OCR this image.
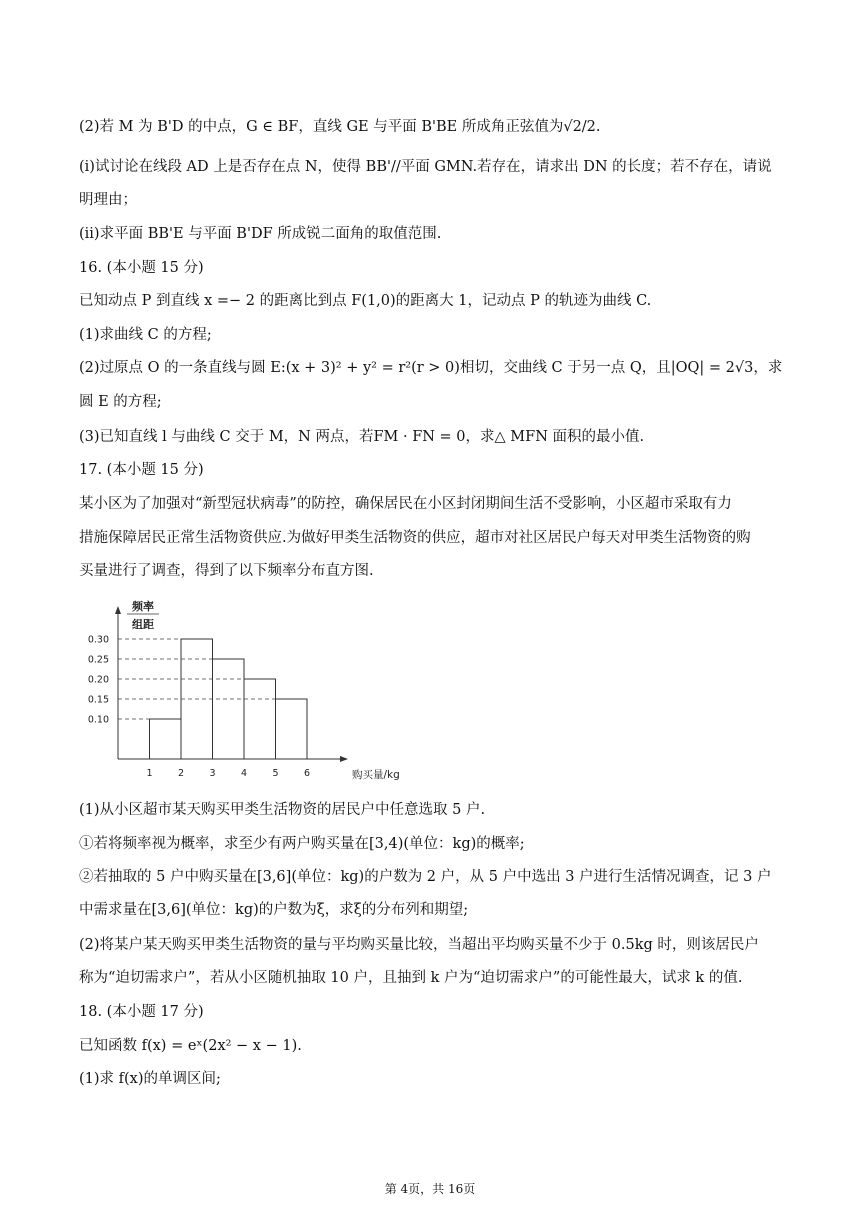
(2)若 M 为 B'D 的中点，G ∈ BF，直线 GE 与平面 B'BE 所成角正弦值为√2/2.
(i)试讨论在线段 AD 上是否存在点 N，使得 BB'//平面 GMN.若存在，请求出 DN 的长度；若不存在，请说
明理由；
(ii)求平面 BB'E 与平面 B'DF 所成锐二面角的取值范围.
16. (本小题 15 分)
已知动点 P 到直线 x =− 2 的距离比到点 F(1,0)的距离大 1，记动点 P 的轨迹为曲线 C.
(1)求曲线 C 的方程;
(2)过原点 O 的一条直线与圆 E:(x + 3)² + y² = r²(r > 0)相切，交曲线 C 于另一点 Q，且|OQ| = 2√3，求
圆 E 的方程;
(3)已知直线 l 与曲线 C 交于 M，N 两点，若FM · FN = 0，求△ MFN 面积的最小值.
17. (本小题 15 分)
某小区为了加强对“新型冠状病毒”的防控，确保居民在小区封闭期间生活不受影响，小区超市采取有力
措施保障居民正常生活物资供应.为做好甲类生活物资的供应，超市对社区居民户每天对甲类生活物资的购
买量进行了调查，得到了以下频率分布直方图.
频率
组距
0.10
0.15
0.20
0.25
0.30
1	2	3	4	5	6	购买量/kg
(1)从小区超市某天购买甲类生活物资的居民户中任意选取 5 户.
①若将频率视为概率，求至少有两户购买量在[3,4)(单位：kg)的概率;
②若抽取的 5 户中购买量在[3,6](单位：kg)的户数为 2 户，从 5 户中选出 3 户进行生活情况调查，记 3 户
中需求量在[3,6](单位：kg)的户数为ξ，求ξ的分布列和期望;
(2)将某户某天购买甲类生活物资的量与平均购买量比较，当超出平均购买量不少于 0.5kg 时，则该居民户
称为“迫切需求户”，若从小区随机抽取 10 户，且抽到 k 户为“迫切需求户”的可能性最大，试求 k 的值.
18. (本小题 17 分)
已知函数 f(x) = eˣ(2x² − x − 1).
(1)求 f(x)的单调区间;
第 4页，共 16页
